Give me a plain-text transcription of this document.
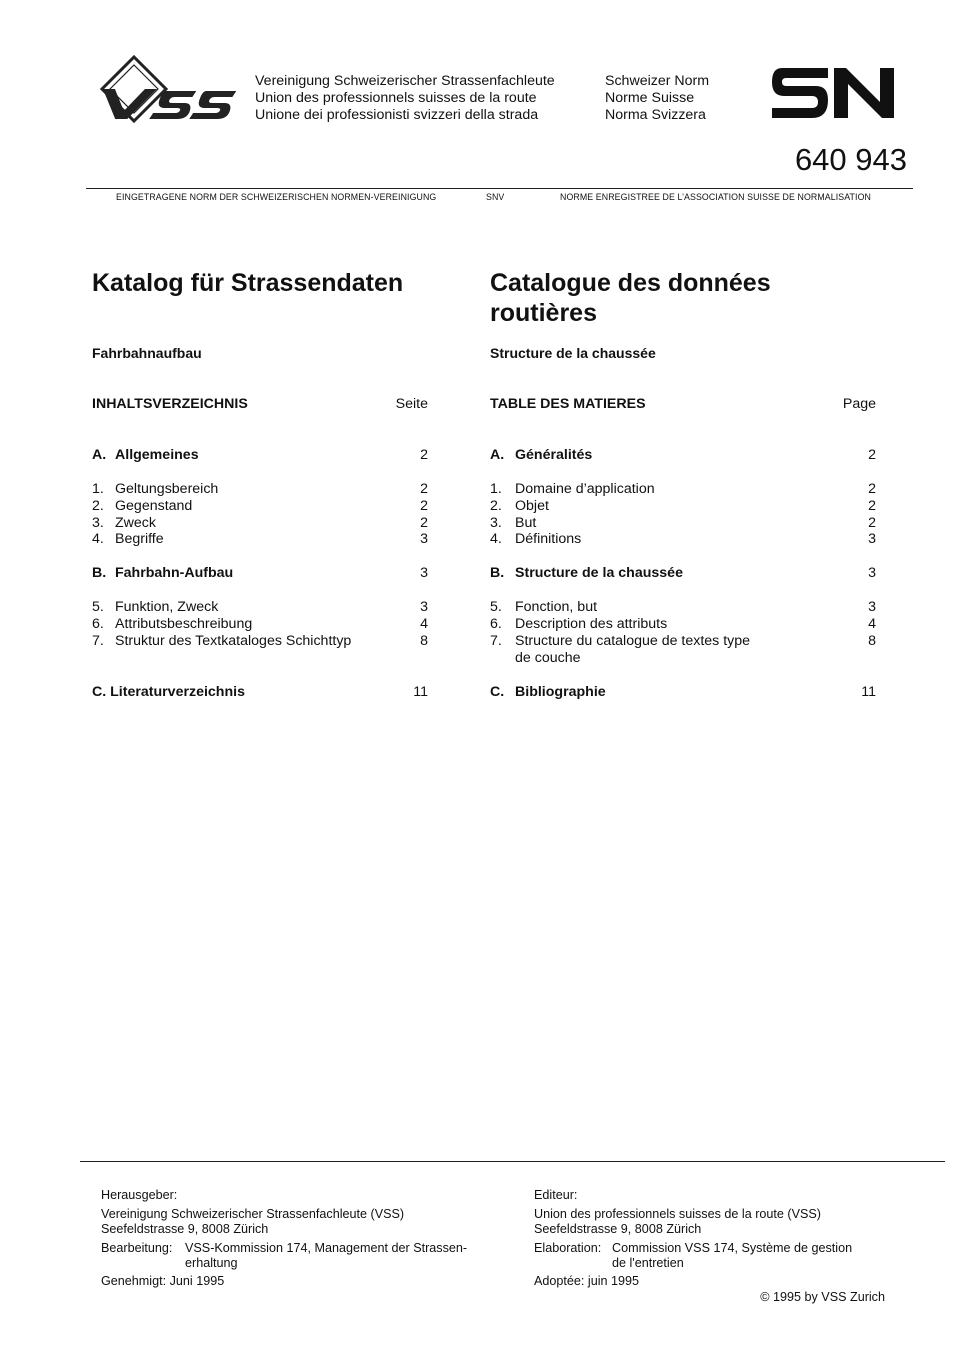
Vereinigung Schweizerischer Strassenfachleute
Union des professionnels suisses de la route
Unione dei professionisti svizzeri della strada
Schweizer Norm
Norme Suisse
Norma Svizzera
640 943
EINGETRAGENE NORM DER SCHWEIZERISCHEN NORMEN-VEREINIGUNG	SNV	NORME ENREGISTREE DE L’ASSOCIATION SUISSE DE NORMALISATION
Katalog für Strassendaten
Fahrbahnaufbau
INHALTSVERZEICHNIS	Seite
A. Allgemeines	2
1. Geltungsbereich	2
2. Gegenstand	2
3. Zweck	2
4. Begriffe	3
B. Fahrbahn-Aufbau	3
5. Funktion, Zweck	3
6. Attributsbeschreibung	4
7. Struktur des Textkataloges Schichttyp	8
C. Literaturverzeichnis	11
Catalogue des données
routières
Structure de la chaussée
TABLE DES MATIERES	Page
A. Généralités	2
1. Domaine d’application	2
2. Objet	2
3. But	2
4. Définitions	3
B. Structure de la chaussée	3
5. Fonction, but	3
6. Description des attributs	4
7. Structure du catalogue de textes type
de couche
8
C. Bibliographie	11
Herausgeber:
Vereinigung Schweizerischer Strassenfachleute (VSS)
Seefeldstrasse 9, 8008 Zürich
Bearbeitung: VSS-Kommission 174, Management der Strassen-
erhaltung
Genehmigt: Juni 1995
Editeur:
Union des professionnels suisses de la route (VSS)
Seefeldstrasse 9, 8008 Zürich
Elaboration: Commission VSS 174, Système de gestion
de l'entretien
Adoptée: juin 1995
© 1995 by VSS Zurich
